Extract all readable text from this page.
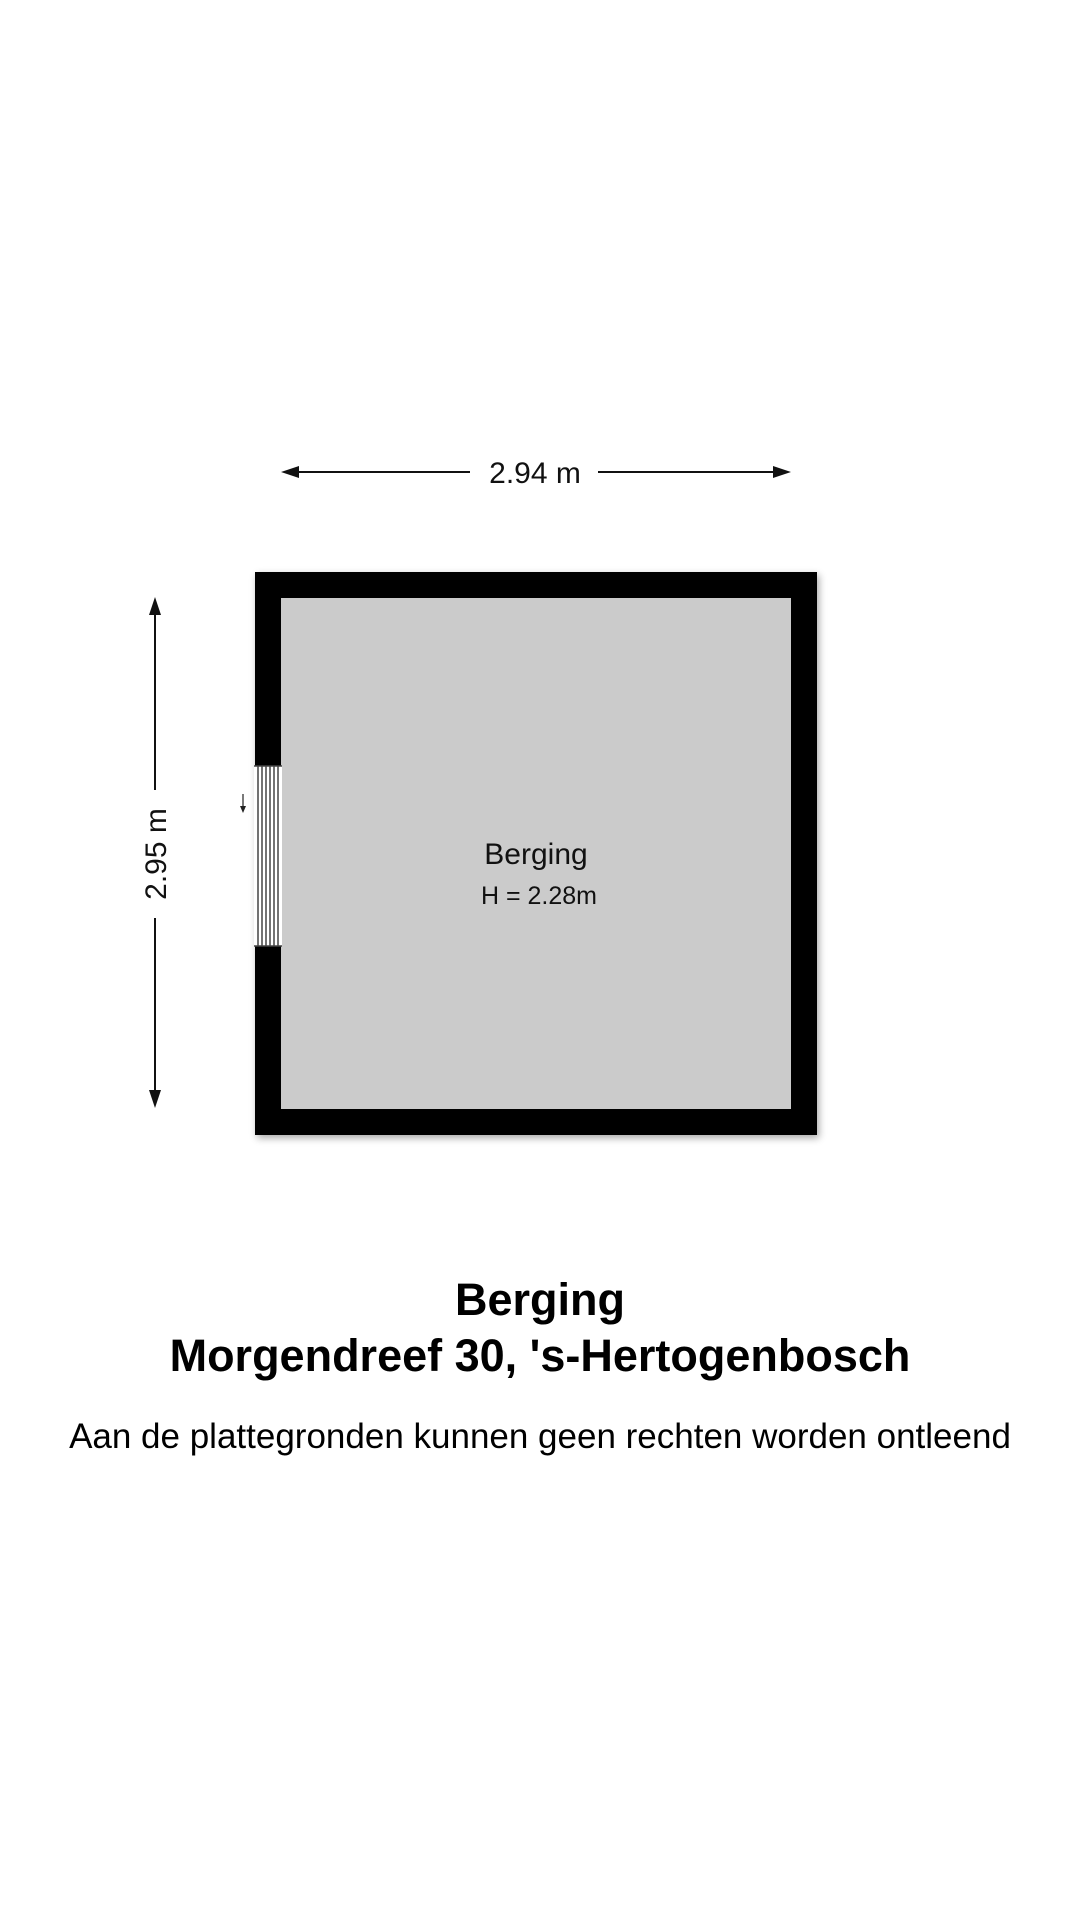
2.94 m
2.95 m	Berging
H = 2.28m
Berging
Morgendreef 30, 's-Hertogenbosch
Aan de plattegronden kunnen geen rechten worden ontleend
